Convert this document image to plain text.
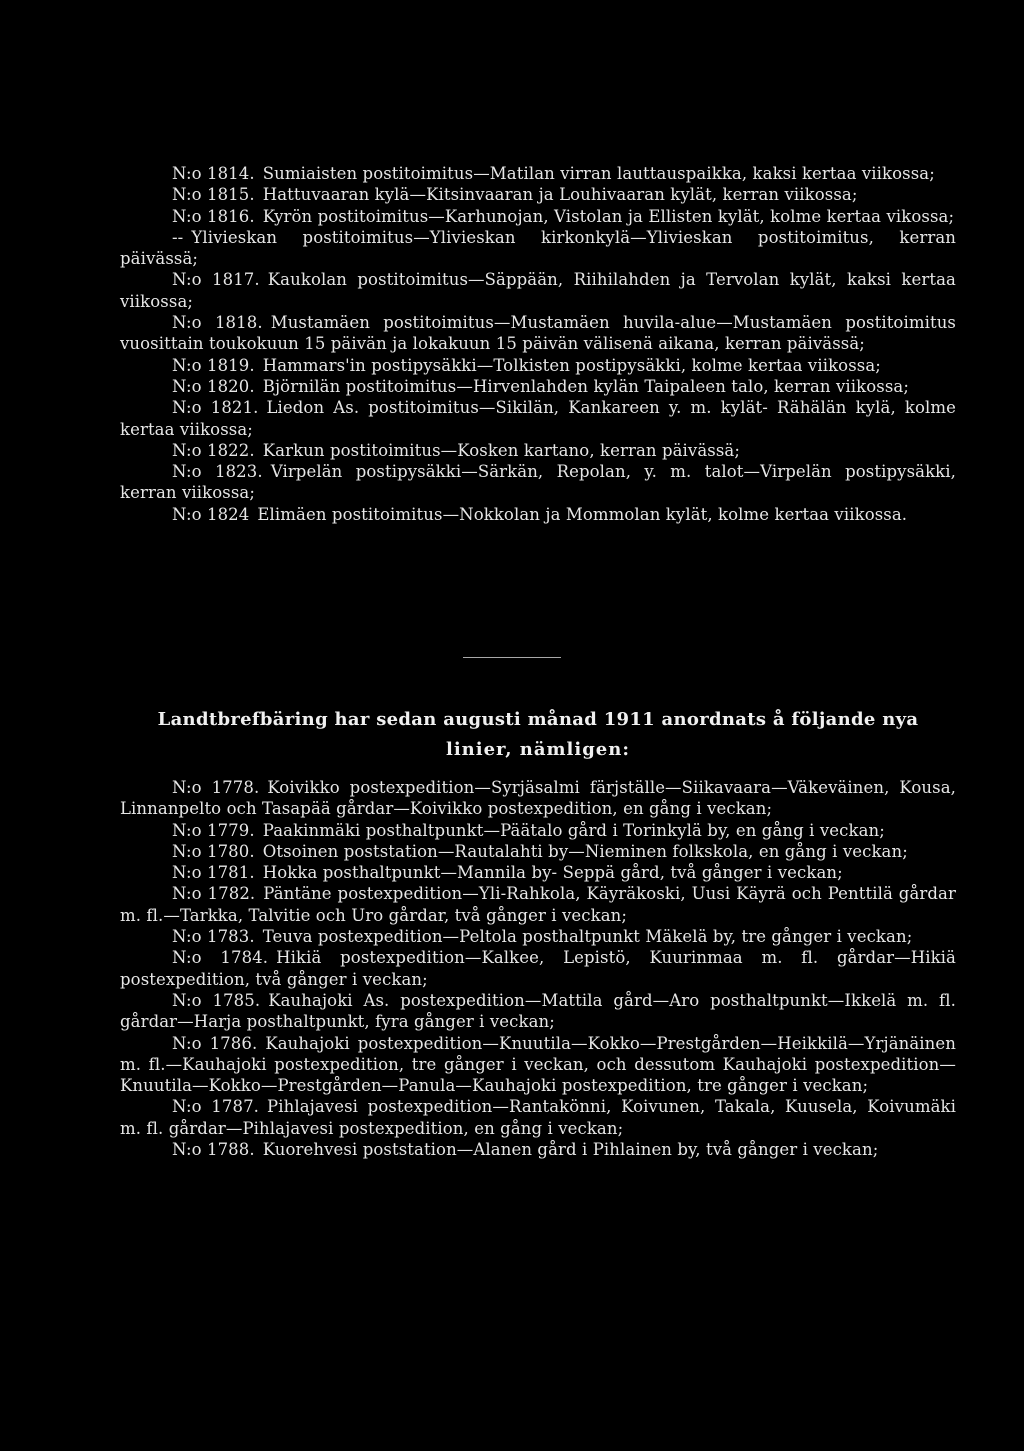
N:o 1814. Sumiaisten postitoimitus—Matilan virran lauttauspaikka, kaksi kertaa viikossa;

N:o 1815. Hattuvaaran kylä—Kitsinvaaran ja Louhivaaran kylät, kerran viikossa;

N:o 1816. Kyrön postitoimitus—Karhunojan, Vistolan ja Ellisten kylät, kolme kertaa vikossa;

-- Ylivieskan postitoimitus—Ylivieskan kirkonkylä—Ylivieskan postitoimitus, kerran päivässä;

N:o 1817. Kaukolan postitoimitus—Säppään, Riihilahden ja Tervolan kylät, kaksi kertaa viikossa;

N:o 1818. Mustamäen postitoimitus—Mustamäen huvila-alue—Mustamäen postitoimitus vuosittain toukokuun 15 päivän ja lokakuun 15 päivän välisenä aikana, kerran päivässä;

N:o 1819. Hammars'in postipysäkki—Tolkisten postipysäkki, kolme kertaa viikossa;

N:o 1820. Björnilän postitoimitus—Hirvenlahden kylän Taipaleen talo, kerran viikossa;

N:o 1821. Liedon As. postitoimitus—Sikilän, Kankareen y. m. kylät- Rähälän kylä, kolme kertaa viikossa;

N:o 1822. Karkun postitoimitus—Kosken kartano, kerran päivässä;

N:o 1823. Virpelän postipysäkki—Särkän, Repolan, y. m. talot—Virpelän postipysäkki, kerran viikossa;

N:o 1824 Elimäen postitoimitus—Nokkolan ja Mommolan kylät, kolme kertaa viikossa.

Landtbrefbäring har sedan augusti månad 1911 anordnats å följande nya
linier, nämligen:

N:o 1778. Koivikko postexpedition—Syrjäsalmi färjställe—Siikavaara—Väkeväinen, Kousa, Linnanpelto och Tasapää gårdar—Koivikko postexpedition, en gång i veckan;

N:o 1779. Paakinmäki posthaltpunkt—Päätalo gård i Torinkylä by, en gång i veckan;

N:o 1780. Otsoinen poststation—Rautalahti by—Nieminen folkskola, en gång i veckan;

N:o 1781. Hokka posthaltpunkt—Mannila by- Seppä gård, två gånger i veckan;

N:o 1782. Päntäne postexpedition—Yli-Rahkola, Käyräkoski, Uusi Käyrä och Penttilä gårdar m. fl.—Tarkka, Talvitie och Uro gårdar, två gånger i veckan;

N:o 1783. Teuva postexpedition—Peltola posthaltpunkt Mäkelä by, tre gånger i veckan;

N:o 1784. Hikiä postexpedition—Kalkee, Lepistö, Kuurinmaa m. fl. gårdar—Hikiä postexpedition, två gånger i veckan;

N:o 1785. Kauhajoki As. postexpedition—Mattila gård—Aro posthaltpunkt—Ikkelä m. fl. gårdar—Harja posthaltpunkt, fyra gånger i veckan;

N:o 1786. Kauhajoki postexpedition—Knuutila—Kokko—Prestgården—Heikkilä—Yrjänäinen m. fl.—Kauhajoki postexpedition, tre gånger i veckan, och dessutom Kauhajoki postexpedition—Knuutila—Kokko—Prestgården—Panula—Kauhajoki postexpedition, tre gånger i veckan;

N:o 1787. Pihlajavesi postexpedition—Rantakönni, Koivunen, Takala, Kuusela, Koivumäki m. fl. gårdar—Pihlajavesi postexpedition, en gång i veckan;

N:o 1788. Kuorehvesi poststation—Alanen gård i Pihlainen by, två gånger i veckan;
